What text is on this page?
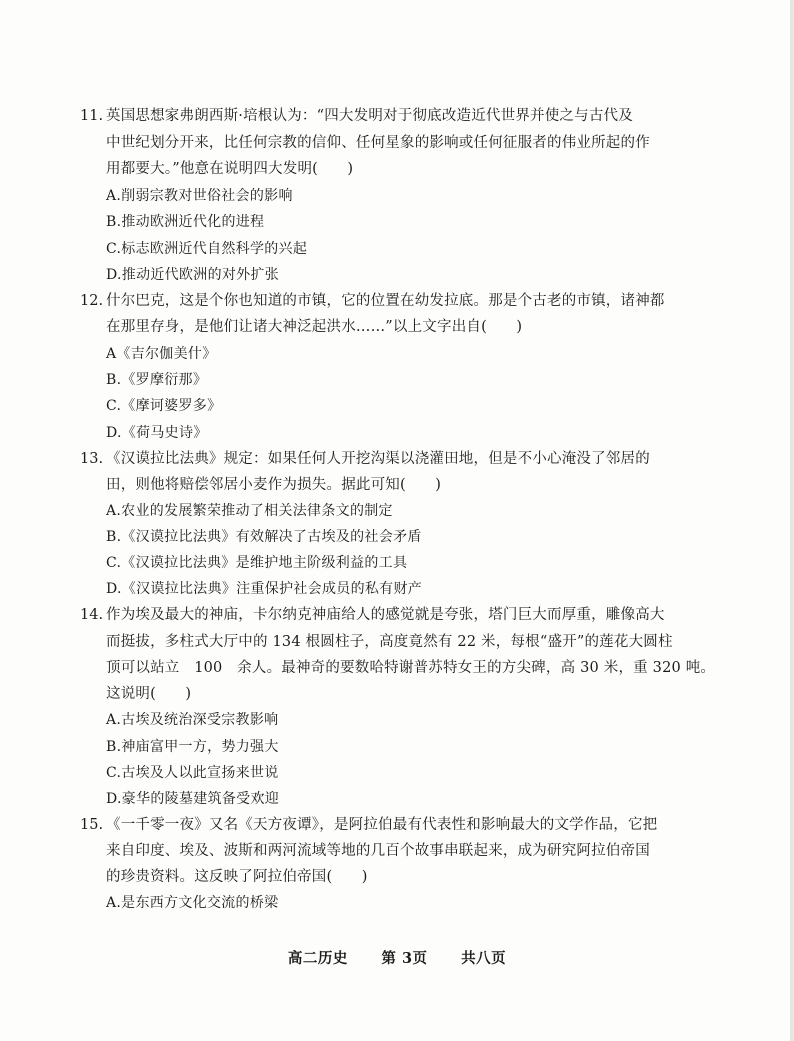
11. 英国思想家弗朗西斯·培根认为：“四大发明对于彻底改造近代世界并使之与古代及
中世纪划分开来，比任何宗教的信仰、任何星象的影响或任何征服者的伟业所起的作
用都要大。”他意在说明四大发明(　　)
A.削弱宗教对世俗社会的影响
B.推动欧洲近代化的进程
C.标志欧洲近代自然科学的兴起
D.推动近代欧洲的对外扩张
12. 什尔巴克，这是个你也知道的市镇，它的位置在幼发拉底。那是个古老的市镇，诸神都
在那里存身，是他们让诸大神泛起洪水……”以上文字出自(　　)
A《吉尔伽美什》
B.《罗摩衍那》
C.《摩诃婆罗多》
D.《荷马史诗》
13. 《汉谟拉比法典》规定：如果任何人开挖沟渠以浇灌田地，但是不小心淹没了邻居的
田，则他将赔偿邻居小麦作为损失。据此可知(　　)
A.农业的发展繁荣推动了相关法律条文的制定
B.《汉谟拉比法典》有效解决了古埃及的社会矛盾
C.《汉谟拉比法典》是维护地主阶级利益的工具
D.《汉谟拉比法典》注重保护社会成员的私有财产
14. 作为埃及最大的神庙，卡尔纳克神庙给人的感觉就是夸张，塔门巨大而厚重，雕像高大
而挺拔，多柱式大厅中的 134 根圆柱子，高度竟然有 22 米，每根“盛开”的莲花大圆柱
顶可以站立　100　余人。最神奇的要数哈特谢普苏特女王的方尖碑，高 30 米，重 320 吨。
这说明(　　)
A.古埃及统治深受宗教影响
B.神庙富甲一方，势力强大
C.古埃及人以此宣扬来世说
D.豪华的陵墓建筑备受欢迎
15. 《一千零一夜》又名《天方夜谭》，是阿拉伯最有代表性和影响最大的文学作品，它把
来自印度、埃及、波斯和两河流域等地的几百个故事串联起来，成为研究阿拉伯帝国
的珍贵资料。这反映了阿拉伯帝国(　　)
A.是东西方文化交流的桥梁
高二历史 第 3页 共八页
